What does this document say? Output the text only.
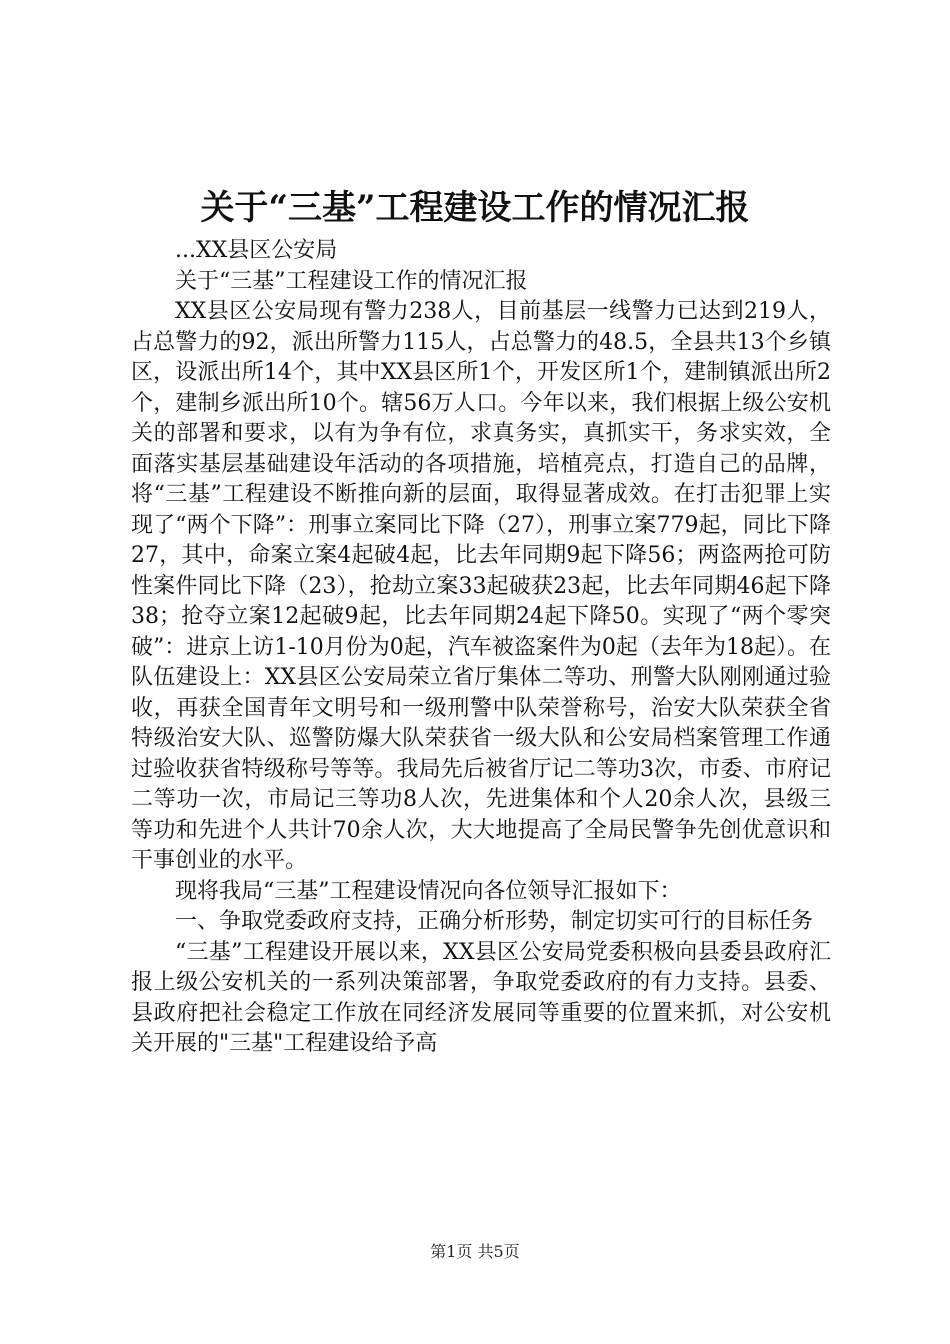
关于“三基”工程建设工作的情况汇报

...XX县区公安局

关于“三基”工程建设工作的情况汇报

XX县区公安局现有警力238人，目前基层一线警力已达到219人，占总警力的92，派出所警力115人，占总警力的48.5，全县共13个乡镇区，设派出所14个，其中XX县区所1个，开发区所1个，建制镇派出所2个，建制乡派出所10个。辖56万人口。今年以来，我们根据上级公安机关的部署和要求，以有为争有位，求真务实，真抓实干，务求实效，全面落实基层基础建设年活动的各项措施，培植亮点，打造自己的品牌，将“三基”工程建设不断推向新的层面，取得显著成效。在打击犯罪上实现了“两个下降”：刑事立案同比下降（27），刑事立案779起，同比下降27，其中，命案立案4起破4起，比去年同期9起下降56；两盗两抢可防性案件同比下降（23），抢劫立案33起破获23起，比去年同期46起下降38；抢夺立案12起破9起，比去年同期24起下降50。实现了“两个零突破”：进京上访1-10月份为0起，汽车被盗案件为0起（去年为18起）。在队伍建设上：XX县区公安局荣立省厅集体二等功、刑警大队刚刚通过验收，再获全国青年文明号和一级刑警中队荣誉称号，治安大队荣获全省特级治安大队、巡警防爆大队荣获省一级大队和公安局档案管理工作通过验收获省特级称号等等。我局先后被省厅记二等功3次，市委、市府记二等功一次，市局记三等功8人次，先进集体和个人20余人次，县级三等功和先进个人共计70余人次，大大地提高了全局民警争先创优意识和干事创业的水平。

现将我局“三基”工程建设情况向各位领导汇报如下：

一、争取党委政府支持，正确分析形势，制定切实可行的目标任务

“三基”工程建设开展以来，XX县区公安局党委积极向县委县政府汇报上级公安机关的一系列决策部署，争取党委政府的有力支持。县委、县政府把社会稳定工作放在同经济发展同等重要的位置来抓，对公安机关开展的"三基"工程建设给予高

第1页 共5页
